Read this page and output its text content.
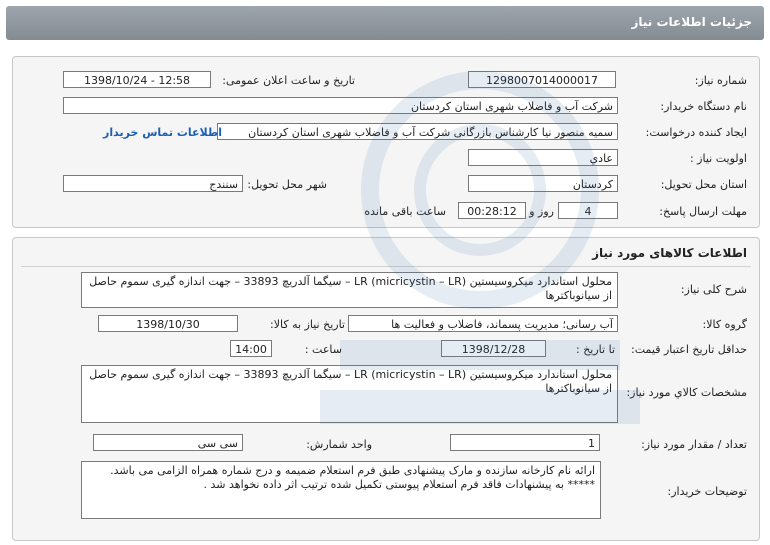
جزئيات اطلاعات نياز
شماره نیاز:
1298007014000017
تاریخ و ساعت اعلان عمومی:
1398/10/24 - 12:58
نام دستگاه خریدار:
شرکت آب و فاضلاب شهری استان کردستان
ایجاد کننده درخواست:
سمیه منصور نیا کارشناس بازرگانی شرکت آب و فاضلاب شهری استان کردستان
اطلاعات تماس خریدار
اولویت نیاز :
عادي
استان محل تحویل:
کردستان
شهر محل تحویل:
سنندج
مهلت ارسال پاسخ:
4
روز و
00:28:12
ساعت باقی مانده
اطلاعات کالاهای مورد نیاز
شرح کلی نیاز:
محلول استاندارد میکروسیستین LR (micricystin – LR) – سیگما آلدریچ 33893 – جهت اندازه گیری سموم حاصل از سیانوباکترها
گروه کالا:
آب رسانی؛ مدیریت پسماند، فاضلاب و فعالیت ها
تاریخ نیاز به کالا:
1398/10/30
حداقل تاریخ اعتبار قیمت:
تا تاریخ :
1398/12/28
ساعت :
14:00
مشخصات کالاي مورد نياز:
محلول استاندارد میکروسیستین LR (micricystin – LR) – سیگما آلدریچ 33893 – جهت اندازه گیری سموم حاصل از سیانوباکترها
تعداد / مقدار مورد نیاز:
1
واحد شمارش:
سی سی
توضیحات خریدار:
ارائه نام کارخانه سازنده و مارک پیشنهادی طبق فرم استعلام ضمیمه و درج شماره همراه الزامی می باشد.
***** به پیشنهادات فاقد فرم استعلام پیوستی تکمیل شده ترتیب اثر داده نخواهد شد .
